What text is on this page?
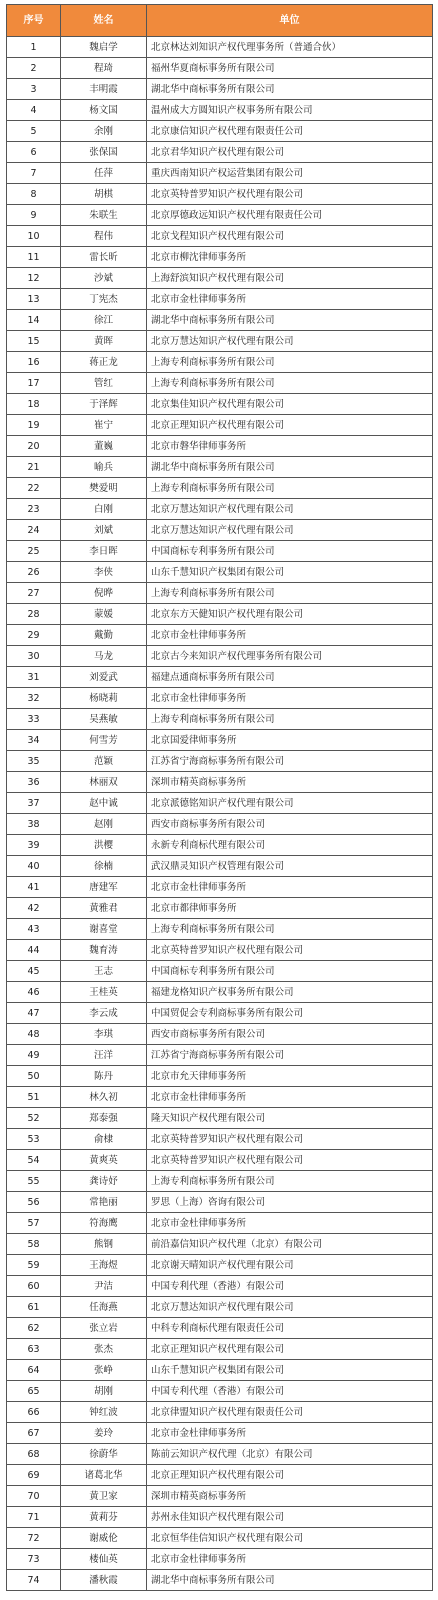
序号	姓名	单位
1	魏启学	北京林达刘知识产权代理事务所（普通合伙）
2	程琦	福州华夏商标事务所有限公司
3	丰明霞	湖北华中商标事务所有限公司
4	杨文国	温州成大方圆知识产权事务所有限公司
5	余刚	北京康信知识产权代理有限责任公司
6	张保国	北京君华知识产权代理有限公司
7	任萍	重庆西南知识产权运营集团有限公司
8	胡棋	北京英特普罗知识产权代理有限公司
9	朱联生	北京厚德政远知识产权代理有限责任公司
10	程伟	北京戈程知识产权代理有限公司
11	雷长昕	北京市柳沈律师事务所
12	沙斌	上海舒滨知识产权代理有限公司
13	丁宪杰	北京市金杜律师事务所
14	徐江	湖北华中商标事务所有限公司
15	黄晖	北京万慧达知识产权代理有限公司
16	蒋正龙	上海专利商标事务所有限公司
17	管红	上海专利商标事务所有限公司
18	于泽辉	北京集佳知识产权代理有限公司
19	崔宁	北京正理知识产权代理有限公司
20	董巍	北京市磐华律师事务所
21	喻兵	湖北华中商标事务所有限公司
22	樊爱明	上海专利商标事务所有限公司
23	白刚	北京万慧达知识产权代理有限公司
24	刘斌	北京万慧达知识产权代理有限公司
25	李日晖	中国商标专利事务所有限公司
26	李侠	山东千慧知识产权集团有限公司
27	倪晔	上海专利商标事务所有限公司
28	蒙媛	北京东方天健知识产权代理有限公司
29	戴勤	北京市金杜律师事务所
30	马龙	北京古今来知识产权代理事务所有限公司
31	刘爱武	福建点通商标事务所有限公司
32	杨晓莉	北京市金杜律师事务所
33	吴燕敏	上海专利商标事务所有限公司
34	何雪芳	北京国爱律师事务所
35	范颖	江苏省宁海商标事务所有限公司
36	林丽双	深圳市精英商标事务所
37	赵中诚	北京派德铭知识产权代理有限公司
38	赵刚	西安市商标事务所有限公司
39	洪樱	永新专利商标代理有限公司
40	徐楠	武汉鼎灵知识产权管理有限公司
41	唐建军	北京市金杜律师事务所
42	黄雅君	北京市都律师事务所
43	谢喜堂	上海专利商标事务所有限公司
44	魏育涛	北京英特普罗知识产权代理有限公司
45	王志	中国商标专利事务所有限公司
46	王桂英	福建龙格知识产权事务所有限公司
47	李云成	中国贸促会专利商标事务所有限公司
48	李琪	西安市商标事务所有限公司
49	汪洋	江苏省宁海商标事务所有限公司
50	陈丹	北京市允天律师事务所
51	林久初	北京市金杜律师事务所
52	郑泰强	隆天知识产权代理有限公司
53	俞棣	北京英特普罗知识产权代理有限公司
54	黄爽英	北京英特普罗知识产权代理有限公司
55	龚诗妤	上海专利商标事务所有限公司
56	常艳丽	罗思（上海）咨询有限公司
57	符海鹰	北京市金杜律师事务所
58	熊钢	前沿嘉信知识产权代理（北京）有限公司
59	王海煜	北京谢天晴知识产权代理有限公司
60	尹洁	中国专利代理（香港）有限公司
61	任海燕	北京万慧达知识产权代理有限公司
62	张立岩	中科专利商标代理有限责任公司
63	张杰	北京正理知识产权代理有限公司
64	张峥	山东千慧知识产权集团有限公司
65	胡刚	中国专利代理（香港）有限公司
66	钟红波	北京律盟知识产权代理有限责任公司
67	姜玲	北京市金杜律师事务所
68	徐蔚华	陈前云知识产权代理（北京）有限公司
69	诸葛北华	北京正理知识产权代理有限公司
70	黄卫家	深圳市精英商标事务所
71	黄莉芬	苏州永佳知识产权代理有限公司
72	谢威伦	北京恒华佳信知识产权代理有限公司
73	楼仙英	北京市金杜律师事务所
74	潘秋霞	湖北华中商标事务所有限公司
